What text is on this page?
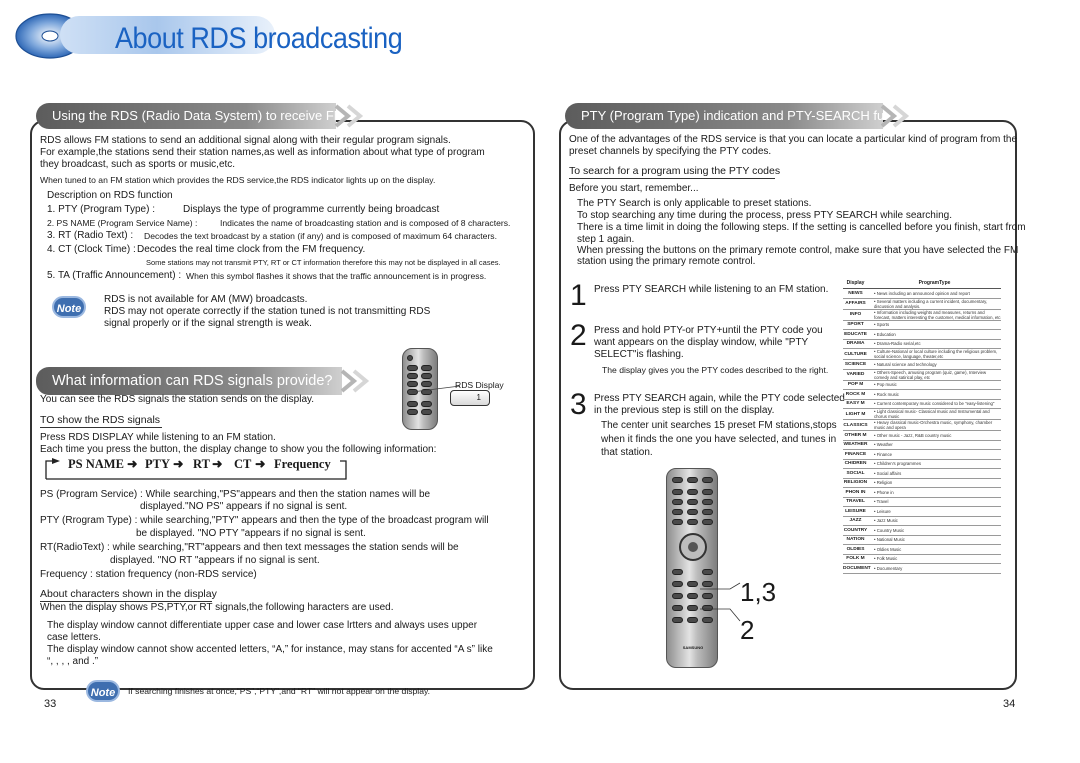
About RDS broadcasting
Using the RDS (Radio Data System) to receive FM stations
RDS allows FM stations to send an additional signal along with their regular program signals.
For example,the stations send their station names,as well as information about what type of program
they broadcast, such as sports or music,etc.
When tuned to an FM station which provides the RDS service,the RDS indicator lights up on the display.
Description on RDS function
1. PTY (Program Type) :	Displays the type of programme currently being broadcast
2. PS NAME (Program Service Name) :	Indicates the name of broadcasting station and is composed of 8 characters.
3. RT (Radio Text) : Decodes the text broadcast by a station (if any) and is composed of maximum 64 characters.
4. CT (Clock Time) : Decodes the real time clock from the FM frequency.
Some stations may not transmit PTY, RT or CT information therefore this may not be displayed in all cases.
5. TA (Traffic Announcement) : When this symbol flashes it shows that the traffic announcement is in progress.
Note
RDS is not available for AM (MW) broadcasts.
RDS may not operate correctly if the station tuned is not transmitting RDS
signal properly or if the signal strength is weak.
What information can RDS signals provide?	RDS Display
1
You can see the RDS signals the station sends on the display.
TO show the RDS signals
Press RDS DISPLAY while listening to an FM station.
Each time you press the button, the display change to show you the following information:
PS NAME ➜ PTY ➜ RT ➜ CT ➜ Frequency
PS (Program Service) : While searching,"PS"appears and then the station names will be
displayed."NO PS" appears if no signal is sent.
PTY (Rrogram Type) : while searching,"PTY" appears and then the type of the broadcast program will
be displayed. "NO PTY "appears if no signal is sent.
RT(RadioText) : while searching,"RT"appears and then text messages the station sends will be
displayed. "NO RT "appears if no signal is sent.
Frequency : station frequency (non-RDS service)
About characters shown in the display
When the display shows PS,PTY,or RT signals,the following haracters are used.
The display window cannot differentiate upper case and lower case lrtters and always uses upper
case letters.
The display window cannot show accented letters, “A,” for instance, may stans for accented “A s” like
“, , , , and .”
Note	If searching finishes at once,“PS”,“PTY”,and “RT” will not appear on the display.
33
PTY (Program Type) indication and PTY-SEARCH function
One of the advantages of the RDS service is that you can locate a particular kind of program from the
preset channels by specifying the PTY codes.
To search for a program using the PTY codes
Before you start, remember...
The PTY Search is only applicable to preset stations.
To stop searching any time during the process, press PTY SEARCH while searching.
There is a time limit in doing the following steps. If the setting is cancelled before you finish, start from
step 1 again.
When pressing the buttons on the primary remote control, make sure that you have selected the FM
station using the primary remote control.
1 Press PTY SEARCH while listening to an FM station.
2 Press and hold PTY-or PTY+until the PTY code you
want appears on the display window, while "PTY
SELECT"is flashing.
The display gives you the PTY codes described to the right.
3 Press PTY SEARCH again, while the PTY code selected
in the previous step is still on the display.
The center unit searches 15 preset FM stations,stops
when it finds the one you have selected, and tunes in
that station.
SAMSUNG
1,3
2
Display	ProgramType
NEWS	• News including an announced opinion and report
AFFAIRS	• Several matters including a current incident, documentary, discussion and analysis.
INFO	• Information including weights and measures, returns and forecast, matters interesting the customer, medical information, etc
SPORT	• Sports
EDUCATE	• Education
DRAMA	• Drama-Radio serial,etc
CULTURE	• Culture-National or local culture including the religious problem, social science, language, theater,etc
SCIENCE	• Natural science and technology
VARIED	• Others-Speech, amusing program (quiz, game), Interview comedy and satirical play, etc
POP M	• Pop music
ROCK M	• Rock music
EASY M	• Current contemporary music considered to be "easy-listening"
LIGHT M	• Light classical music- Classical music and Instrumental and chorus music
CLASSICS	• Heavy classical music-Orchestra music, symphony, chamber music and opera
OTHER M	• Other music - Jazz, R&B country music
WEATHER	• Weather
FINANCE	• Finance
CHIDREN	• Children's programmes
SOCIAL	• Social affairs
RELIGION	• Religion
PHON IN	• Phone in
TRAVEL	• Travel
LEISURE	• Leisure
JAZZ	• Jazz Music
COUNTRY	• Country Music
NATION	• National Music
OLDIES	• Oldies Music
FOLK M	• Folk Music
DOCUMENT • Documentary
34
